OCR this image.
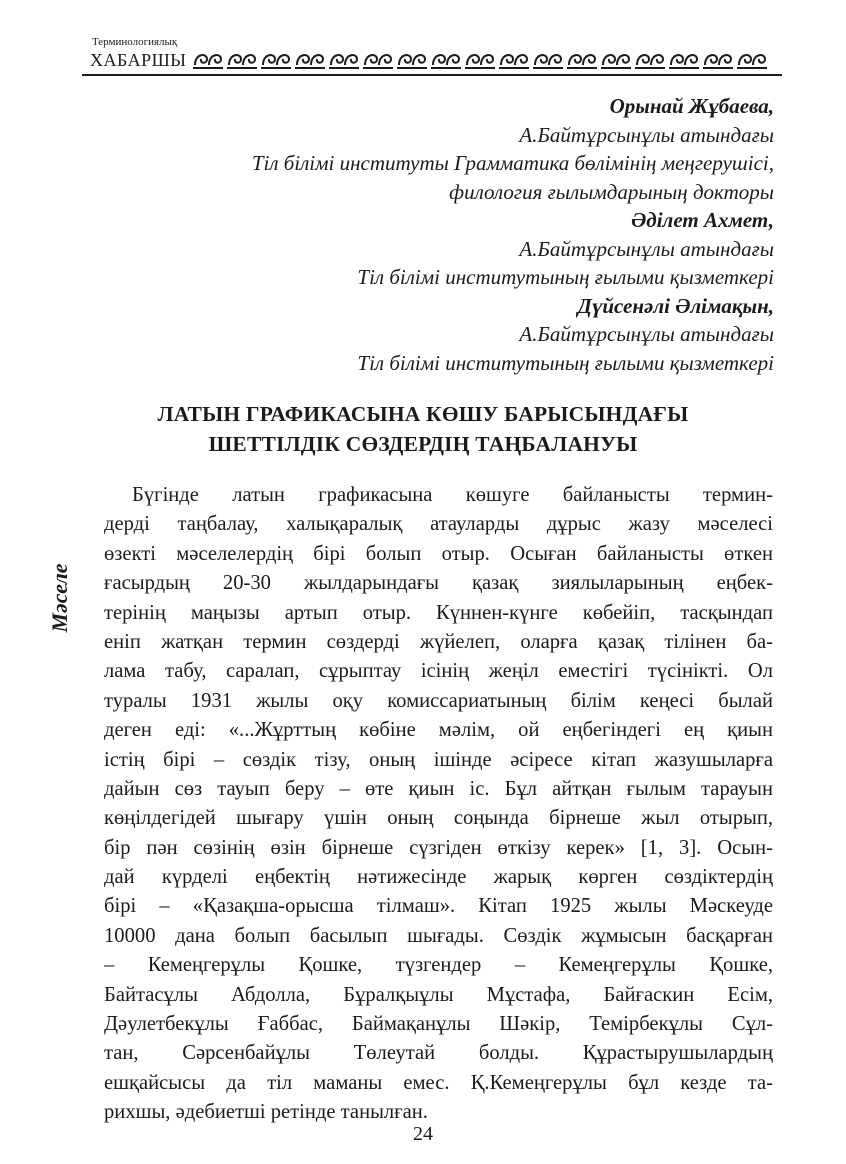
Терминологиялық
ХАБАРШЫ
Орынай Жұбаева,
А.Байтұрсынұлы атындағы
Тіл білімі институты Грамматика бөлімінің меңгерушісі,
филология ғылымдарының докторы
Әділет Ахмет,
А.Байтұрсынұлы атындағы
Тіл білімі институтының ғылыми қызметкері
Дүйсенәлі Әлімақын,
А.Байтұрсынұлы атындағы
Тіл білімі институтының ғылыми қызметкері
ЛАТЫН ГРАФИКАСЫНА КӨШУ БАРЫСЫНДАҒЫ
ШЕТТІЛДІК СӨЗДЕРДІҢ ТАҢБАЛАНУЫ
Мәселе
Бүгінде латын графикасына көшуге байланысты термин-
дерді таңбалау, халықаралық атауларды дұрыс жазу мәселесі
өзекті мәселелердің бірі болып отыр. Осыған байланысты өткен
ғасырдың 20-30 жылдарындағы қазақ зиялыларының еңбек-
терінің маңызы артып отыр. Күннен-күнге көбейіп, тасқындап
еніп жатқан термин сөздерді жүйелеп, оларға қазақ тілінен ба-
лама табу, саралап, сұрыптау ісінің жеңіл еместігі түсінікті. Ол
туралы 1931 жылы оқу комиссариатының білім кеңесі былай
деген еді: «...Жұрттың көбіне мәлім, ой еңбегіндегі ең қиын
істің бірі – сөздік тізу, оның ішінде әсіресе кітап жазушыларға
дайын сөз тауып беру – өте қиын іс. Бұл айтқан ғылым тарауын
көңілдегідей шығару үшін оның соңында бірнеше жыл отырып,
бір пән сөзінің өзін бірнеше сүзгіден өткізу керек» [1, 3]. Осын-
дай күрделі еңбектің нәтижесінде жарық көрген сөздіктердің
бірі – «Қазақша-орысша тілмаш». Кітап 1925 жылы Мәскеуде
10000 дана болып басылып шығады. Сөздік жұмысын басқарған
– Кемеңгерұлы Қошке, түзгендер – Кемеңгерұлы Қошке,
Байтасұлы Абдолла, Бұралқыұлы Мұстафа, Байғаскин Есім,
Дәулетбекұлы Ғаббас, Баймақанұлы Шәкір, Темірбекұлы Сұл-
тан, Сәрсенбайұлы Төлеутай болды. Құрастырушылардың
ешқайсысы да тіл маманы емес. Қ.Кемеңгерұлы бұл кезде та-
рихшы, әдебиетші ретінде танылған.
24
